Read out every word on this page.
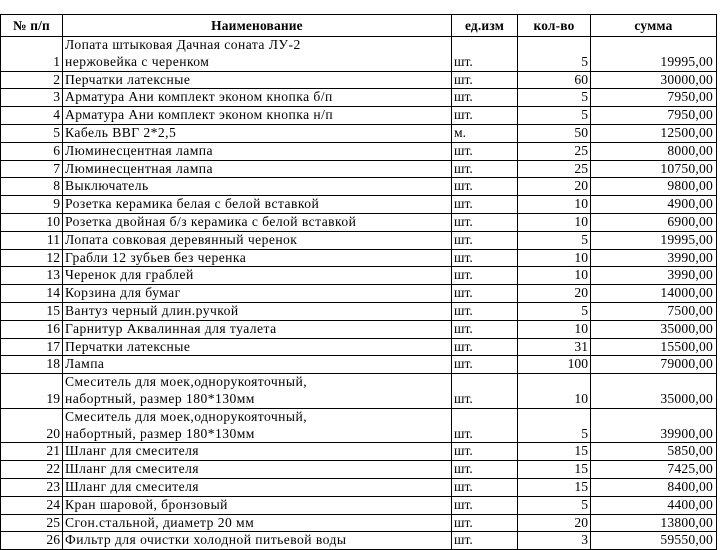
№ п/п	Наименование	ед.изм	кол-во	сумма
1	Лопата штыковая Дачная соната ЛУ-2
нержовейка с черенком	шт.	5	19995,00
2	Перчатки латексные	шт.	60	30000,00
3	Арматура Ани комплект эконом кнопка б/п	шт.	5	7950,00
4	Арматура Ани комплект эконом кнопка н/п	шт.	5	7950,00
5	Кабель ВВГ 2*2,5	м.	50	12500,00
6	Люминесцентная лампа	шт.	25	8000,00
7	Люминесцентная лампа	шт.	25	10750,00
8	Выключатель	шт.	20	9800,00
9	Розетка керамика белая с белой вставкой	шт.	10	4900,00
10	Розетка двойная б/з керамика с белой вставкой	шт.	10	6900,00
11	Лопата совковая деревянный черенок	шт.	5	19995,00
12	Грабли 12 зубьев без черенка	шт.	10	3990,00
13	Черенок для граблей	шт.	10	3990,00
14	Корзина для бумаг	шт.	20	14000,00
15	Вантуз черный длин.ручкой	шт.	5	7500,00
16	Гарнитур Аквалинная для туалета	шт.	10	35000,00
17	Перчатки латексные	шт.	31	15500,00
18	Лампа	шт.	100	79000,00
19	Смеситель для моек,однорукояточный,
набортный, размер 180*130мм	шт.	10	35000,00
20	Смеситель для моек,однорукояточный,
набортный, размер 180*130мм	шт.	5	39900,00
21	Шланг для смесителя	шт.	15	5850,00
22	Шланг для смесителя	шт.	15	7425,00
23	Шланг для смесителя	шт.	15	8400,00
24	Кран шаровой, бронзовый	шт.	5	4400,00
25	Сгон.стальной, диаметр 20 мм	шт.	20	13800,00
26	Фильтр для очистки холодной питьевой воды	шт.	3	59550,00
